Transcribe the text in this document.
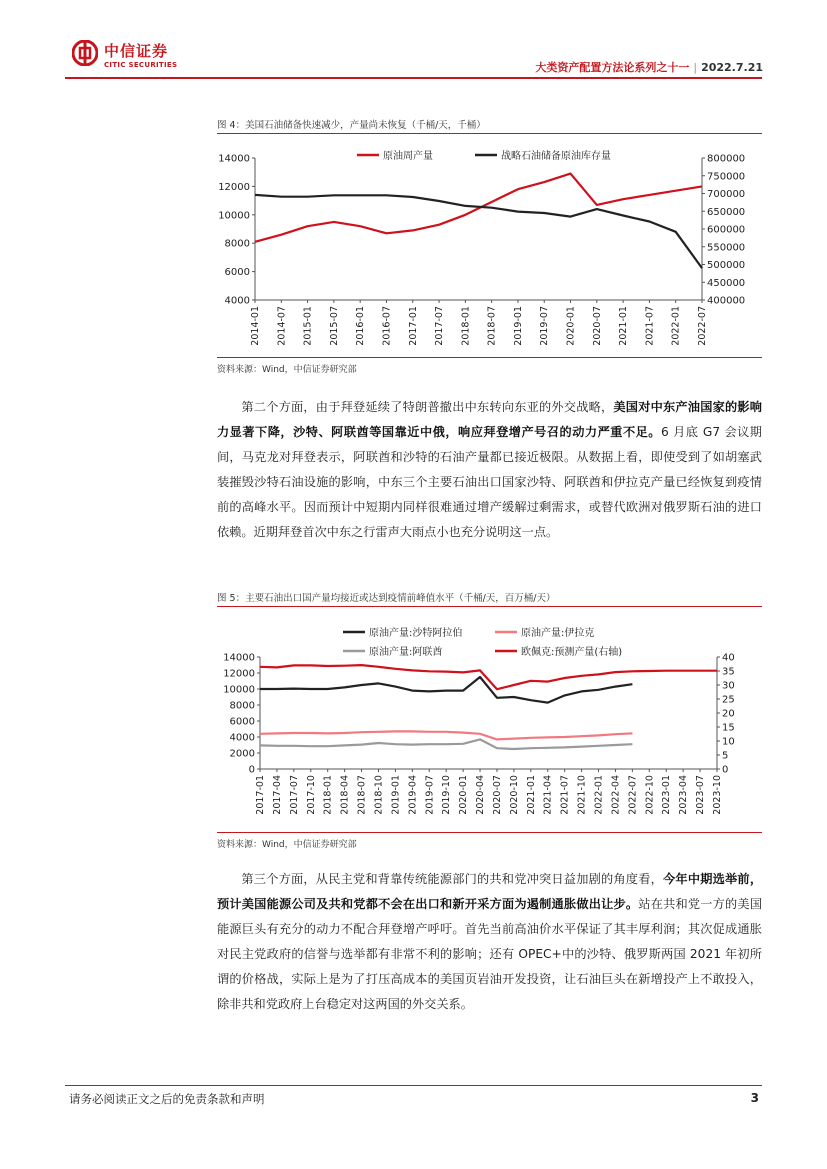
中信证券
CITIC SECURITIES	大类资产配置方法论系列之十一 | 2022.7.21
图 4：美国石油储备快速减少，产量尚未恢复（千桶/天，千桶）
4000
6000
8000
10000
12000
14000
400000
450000
500000
550000
600000
650000
700000
750000
800000
2014-01 2014-07 2015-01 2015-07 2016-01 2016-07 2017-01 2017-07 2018-01 2018-07 2019-01 2019-07 2020-01 2020-07 2021-01 2021-07 2022-01 2022-07
原油周产量	战略石油储备原油库存量
资料来源：Wind，中信证券研究部

第二个方面，由于拜登延续了特朗普撤出中东转向东亚的外交战略，美国对中东产油国家的影响力显著下降，沙特、阿联酋等国靠近中俄，响应拜登增产号召的动力严重不足。6 月底 G7 会议期间，马克龙对拜登表示，阿联酋和沙特的石油产量都已接近极限。从数据上看，即使受到了如胡塞武装摧毁沙特石油设施的影响，中东三个主要石油出口国家沙特、阿联酋和伊拉克产量已经恢复到疫情前的高峰水平。因而预计中短期内同样很难通过增产缓解过剩需求，或替代欧洲对俄罗斯石油的进口依赖。近期拜登首次中东之行雷声大雨点小也充分说明这一点。

图 5：主要石油出口国产量均接近或达到疫情前峰值水平（千桶/天，百万桶/天）
0
2000
4000
6000
8000
10000
12000
14000
0
5
10
15
20
25
30
35
40
2017-01 2017-04 2017-07 2017-10 2018-01 2018-04 2018-07 2018-10 2019-01 2019-04 2019-07 2019-10 2020-01 2020-04 2020-07 2020-10 2021-01 2021-04 2021-07 2021-10 2022-01 2022-04 2022-07 2022-10 2023-01 2023-04 2023-07 2023-10
原油产量:沙特阿拉伯	原油产量:伊拉克
原油产量:阿联酋	欧佩克:预测产量(右轴)
资料来源：Wind，中信证券研究部

第三个方面，从民主党和背靠传统能源部门的共和党冲突日益加剧的角度看，今年中期选举前，预计美国能源公司及共和党都不会在出口和新开采方面为遏制通胀做出让步。站在共和党一方的美国能源巨头有充分的动力不配合拜登增产呼吁。首先当前高油价水平保证了其丰厚利润；其次促成通胀对民主党政府的信誉与选举都有非常不利的影响；还有 OPEC+中的沙特、俄罗斯两国 2021 年初所谓的价格战，实际上是为了打压高成本的美国页岩油开发投资，让石油巨头在新增投产上不敢投入，除非共和党政府上台稳定对这两国的外交关系。

请务必阅读正文之后的免责条款和声明	3
